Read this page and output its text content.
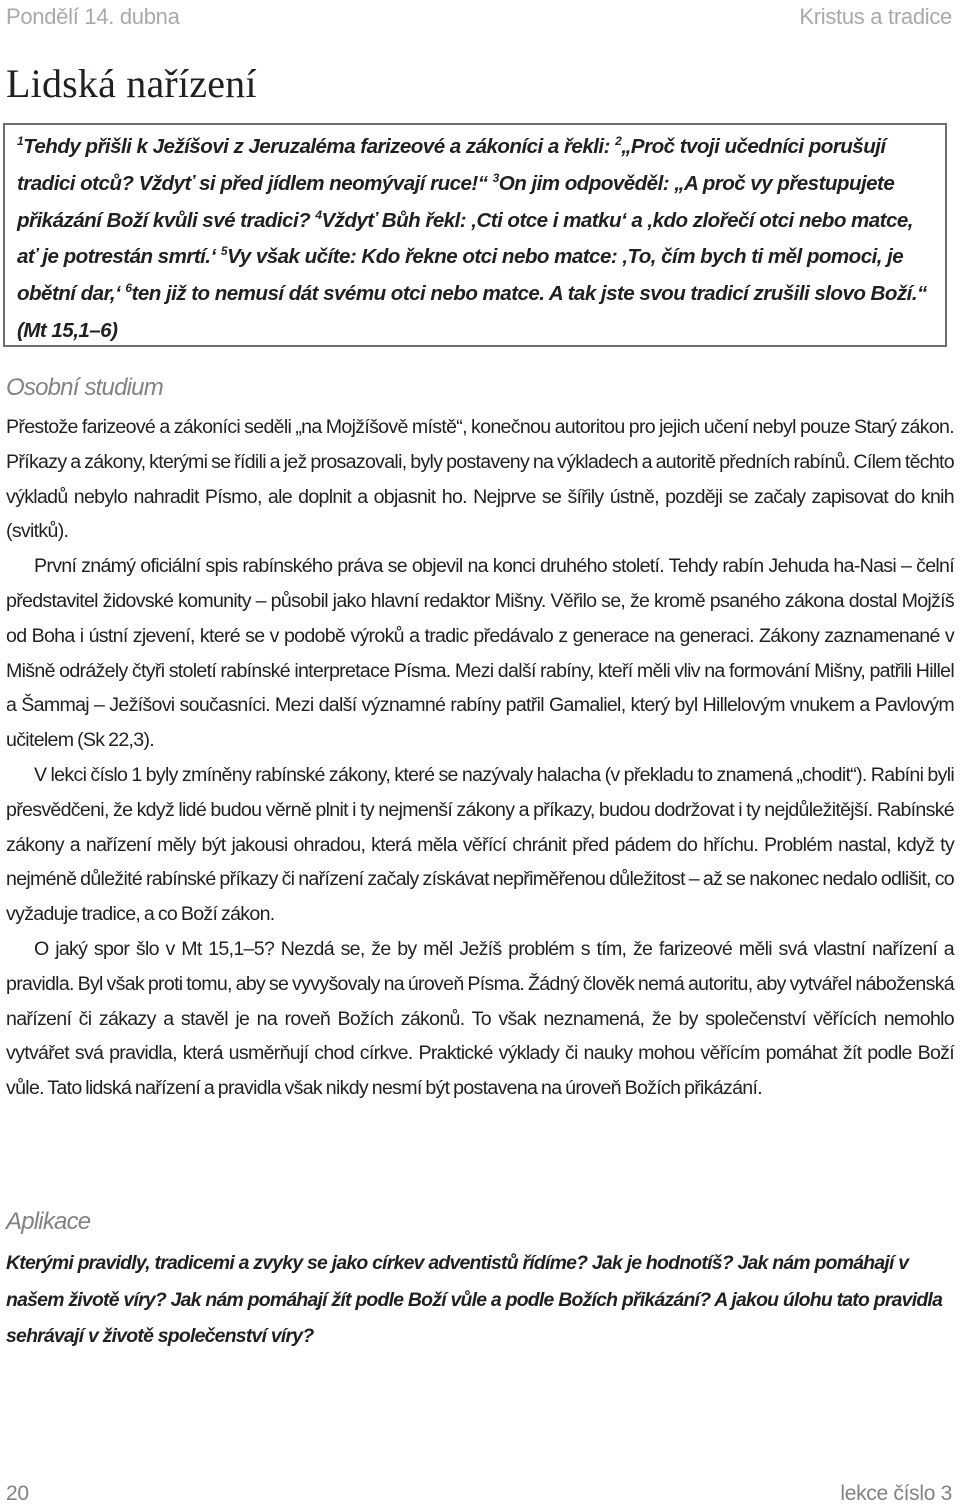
Pondělí 14. dubna	Kristus a tradice
Lidská nařízení

$^1$Tehdy přišli k Ježíšovi z Jeruzaléma farizeové a zákoníci a řekli: $^2$„Proč tvoji učedníci porušují tradici otců? Vždyť si před jídlem neomývají ruce!“ $^3$On jim odpověděl: „A proč vy přestupujete přikázání Boží kvůli své tradici? $^4$Vždyť Bůh řekl: ‚Cti otce i matku‘ a ‚kdo zlořečí otci nebo matce, ať je potrestán smrtí.‘ $^5$Vy však učíte: Kdo řekne otci nebo matce: ‚To, čím bych ti měl pomoci, je obětní dar,‘ $^6$ten již to nemusí dát svému otci nebo matce. A tak jste svou tradicí zrušili slovo Boží.“ (Mt 15,1–6)

Osobní studium

Přestože farizeové a zákoníci seděli „na Mojžíšově místě“, konečnou autoritou pro jejich učení nebyl pouze Starý zákon. Příkazy a zákony, kterými se řídili a jež prosazovali, byly postaveny na výkladech a autoritě předních rabínů. Cílem těchto výkladů nebylo nahradit Písmo, ale doplnit a objasnit ho. Nejprve se šířily ústně, později se začaly zapisovat do knih (svitků).

První známý oficiální spis rabínského práva se objevil na konci druhého století. Tehdy rabín Jehuda ha-Nasi – čelní představitel židovské komunity – působil jako hlavní redaktor Mišny. Věřilo se, že kromě psaného zákona dostal Mojžíš od Boha i ústní zjevení, které se v podobě výroků a tradic předávalo z generace na generaci. Zákony zaznamenané v Mišně odrážely čtyři století rabínské interpretace Písma. Mezi další rabíny, kteří měli vliv na formování Mišny, patřili Hillel a Šammaj – Ježíšovi současníci. Mezi další významné rabíny patřil Gamaliel, který byl Hillelovým vnukem a Pavlovým učitelem (Sk 22,3).

V lekci číslo 1 byly zmíněny rabínské zákony, které se nazývaly halacha (v překladu to znamená „chodit“). Rabíni byli přesvědčeni, že když lidé budou věrně plnit i ty nejmenší zákony a příkazy, budou dodržovat i ty nejdůležitější. Rabínské zákony a nařízení měly být jakousi ohradou, která měla věřící chránit před pádem do hříchu. Problém nastal, když ty nejméně důležité rabínské příkazy či nařízení začaly získávat nepřiměřenou důležitost – až se nakonec nedalo odlišit, co vyžaduje tradice, a co Boží zákon.

O jaký spor šlo v Mt 15,1–5? Nezdá se, že by měl Ježíš problém s tím, že farizeové měli svá vlastní nařízení a pravidla. Byl však proti tomu, aby se vyvyšovaly na úroveň Písma. Žádný člověk nemá autoritu, aby vytvářel náboženská nařízení či zákazy a stavěl je na roveň Božích zákonů. To však neznamená, že by společenství věřících nemohlo vytvářet svá pravidla, která usměrňují chod církve. Praktické výklady či nauky mohou věřícím pomáhat žít podle Boží vůle. Tato lidská nařízení a pravidla však nikdy nesmí být postavena na úroveň Božích přikázání.

Aplikace

Kterými pravidly, tradicemi a zvyky se jako církev adventistů řídíme? Jak je hodnotíš? Jak nám pomáhají v našem životě víry? Jak nám pomáhají žít podle Boží vůle a podle Božích přikázání? A jakou úlohu tato pravidla sehrávají v životě společenství víry?

20	lekce číslo 3
